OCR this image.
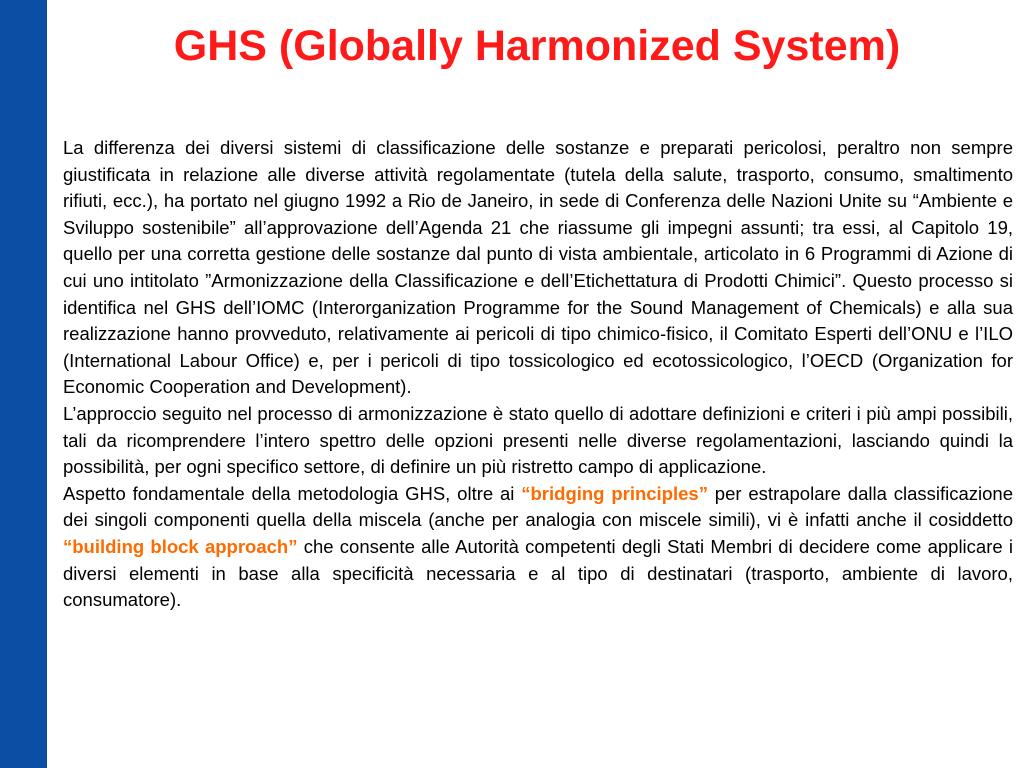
GHS (Globally Harmonized System)

La differenza dei diversi sistemi di classificazione delle sostanze e preparati pericolosi, peraltro non sempre giustificata in relazione alle diverse attività regolamentate (tutela della salute, trasporto, consumo, smaltimento rifiuti, ecc.), ha portato nel giugno 1992 a Rio de Janeiro, in sede di Conferenza delle Nazioni Unite su “Ambiente e Sviluppo sostenibile” all’approvazione dell’Agenda 21 che riassume gli impegni assunti; tra essi, al Capitolo 19, quello per una corretta gestione delle sostanze dal punto di vista ambientale, articolato in 6 Programmi di Azione di cui uno intitolato ”Armonizzazione della Classificazione e dell’Etichettatura di Prodotti Chimici”. Questo processo si identifica nel GHS dell’IOMC (Interorganization Programme for the Sound Management of Chemicals) e alla sua realizzazione hanno provveduto, relativamente ai pericoli di tipo chimico-fisico, il Comitato Esperti dell’ONU e l’ILO (International Labour Office) e, per i pericoli di tipo tossicologico ed ecotossicologico, l’OECD (Organization for Economic Cooperation and Development).

L’approccio seguito nel processo di armonizzazione è stato quello di adottare definizioni e criteri i più ampi possibili, tali da ricomprendere l’intero spettro delle opzioni presenti nelle diverse regolamentazioni, lasciando quindi la possibilità, per ogni specifico settore, di definire un più ristretto campo di applicazione.

Aspetto fondamentale della metodologia GHS, oltre ai “bridging principles” per estrapolare dalla classificazione dei singoli componenti quella della miscela (anche per analogia con miscele simili), vi è infatti anche il cosiddetto “building block approach” che consente alle Autorità competenti degli Stati Membri di decidere come applicare i diversi elementi in base alla specificità necessaria e al tipo di destinatari (trasporto, ambiente di lavoro, consumatore).
